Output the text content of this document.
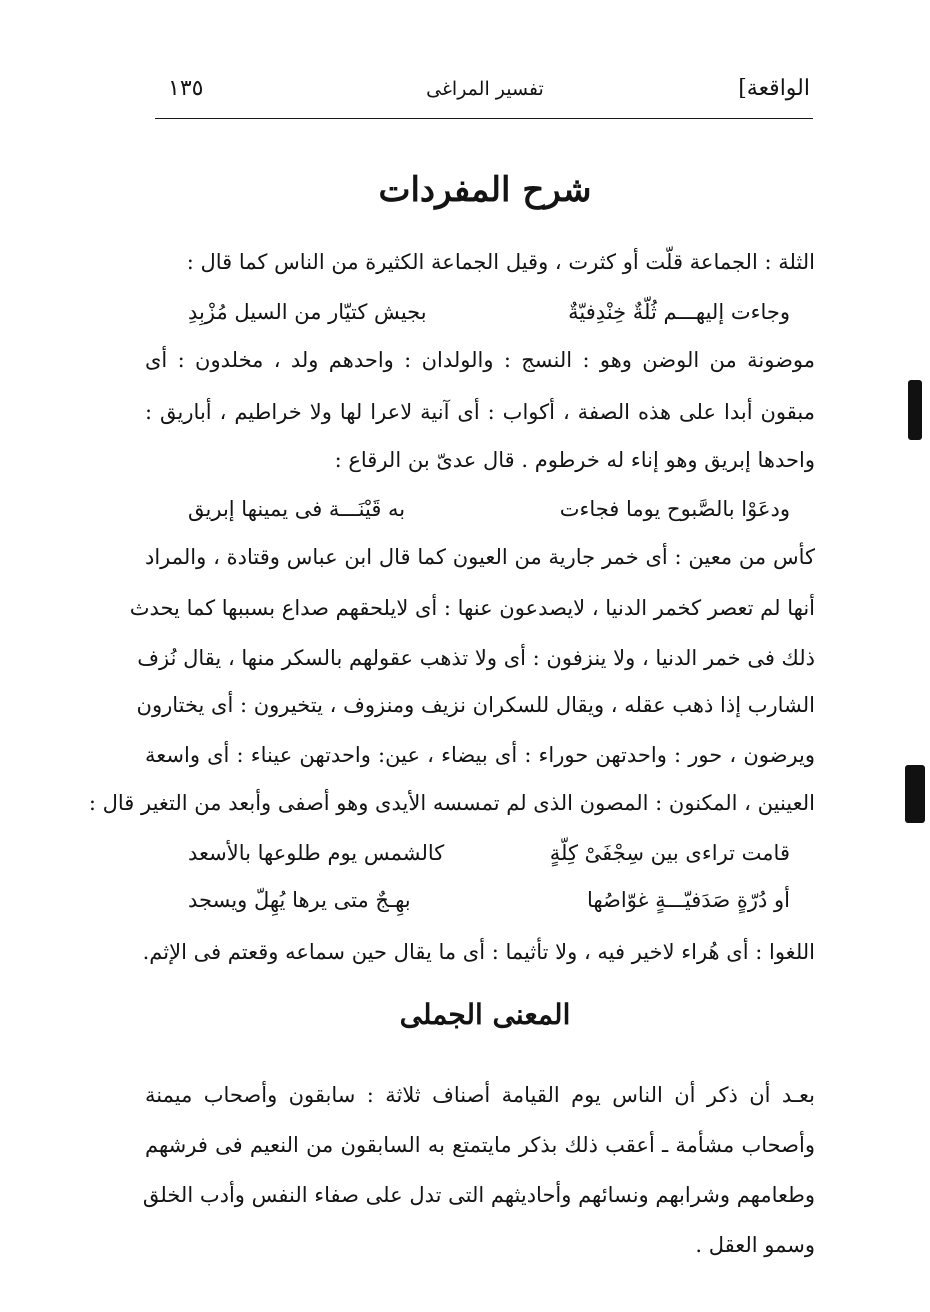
الواقعة]
تفسير المراغى
١٣٥
شرح المفردات
الثلة : الجماعة قلّت أو كثرت ، وقيل الجماعة الكثيرة من الناس كما قال :
وجاءت إليهـــم ثُلّةٌ خِنْدِفيّةٌ
بجيش كتيّار من السيل مُزْبِدِ
موضونة من الوضن وهو : النسج : والولدان : واحدهم ولد ، مخلدون : أى
مبقون أبدا على هذه الصفة ، أكواب : أى آنية لاعرا لها ولا خراطيم ، أباريق :
واحدها إبريق وهو إناء له خرطوم . قال عدىّ بن الرقاع :
ودعَوْا بالصَّبوح يوما فجاءت
به قَيْنَـــة فى يمينها إبريق
كأس من معين : أى خمر جارية من العيون كما قال ابن عباس وقتادة ، والمراد
أنها لم تعصر كخمر الدنيا ، لايصدعون عنها : أى لايلحقهم صداع بسببها كما يحدث
ذلك فى خمر الدنيا ، ولا ينزفون : أى ولا تذهب عقولهم بالسكر منها ، يقال نُزف
الشارب إذا ذهب عقله ، ويقال للسكران نزيف ومنزوف ، يتخيرون : أى يختارون
ويرضون ، حور : واحدتهن حوراء : أى بيضاء ، عين: واحدتهن عيناء : أى واسعة
العينين ، المكنون : المصون الذى لم تمسسه الأيدى وهو أصفى وأبعد من التغير قال :
قامت تراءى بين سِجْفَىْ كِلّةٍ
كالشمس يوم طلوعها بالأسعد
أو دُرّةٍ صَدَفيّـــةٍ غوّاصُها
بهِـجٌ متى يرها يُهِلّ ويسجد
اللغوا : أى هُراء لاخير فيه ، ولا تأثيما : أى ما يقال حين سماعه وقعتم فى الإثم.
المعنى الجملى
بعـد أن ذكر أن الناس يوم القيامة أصناف ثلاثة : سابقون وأصحاب ميمنة
وأصحاب مشأمة ـ أعقب ذلك بذكر مايتمتع به السابقون من النعيم فى فرشهم
وطعامهم وشرابهم ونسائهم وأحاديثهم التى تدل على صفاء النفس وأدب الخلق
وسمو العقل .
